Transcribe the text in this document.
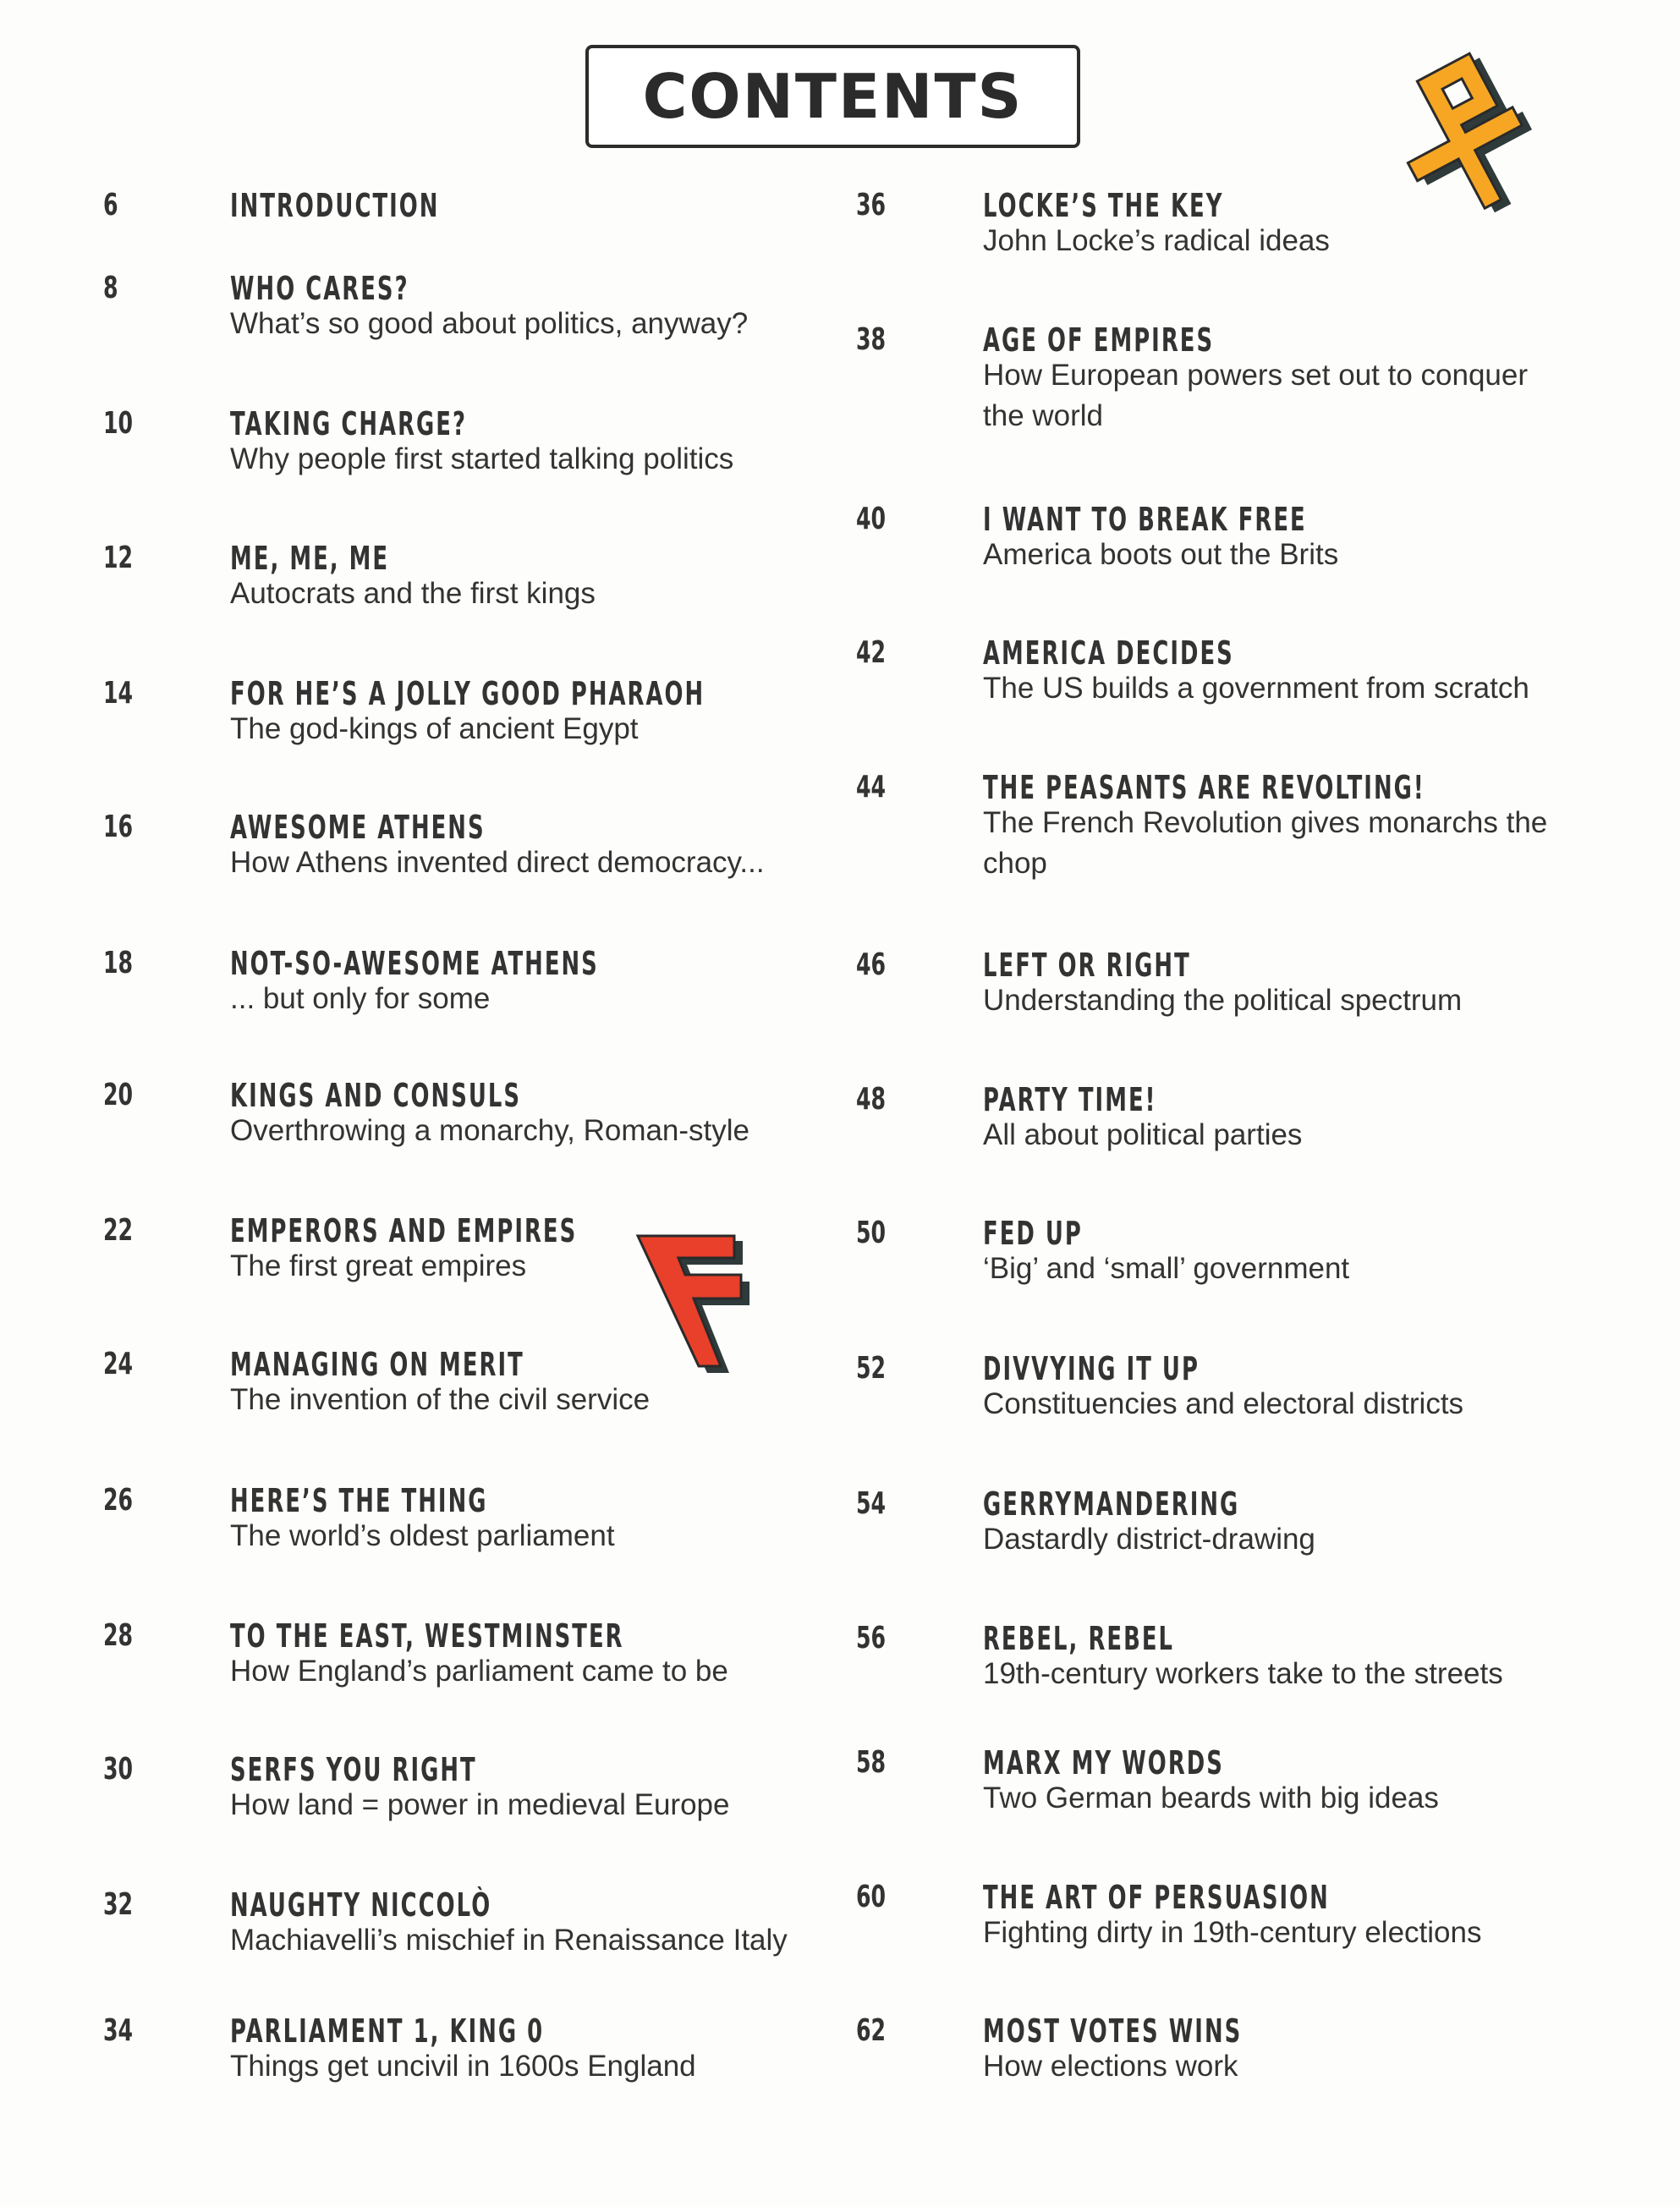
CONTENTS
6	INTRODUCTION
8	WHO CARES?
What’s so good about politics, anyway?
10	TAKING CHARGE?
Why people first started talking politics
12	ME, ME, ME
Autocrats and the first kings
14	FOR HE’S A JOLLY GOOD PHARAOH
The god-kings of ancient Egypt
16	AWESOME ATHENS
How Athens invented direct democracy...
18	NOT-SO-AWESOME ATHENS
... but only for some
20	KINGS AND CONSULS
Overthrowing a monarchy, Roman-style
22	EMPERORS AND EMPIRES
The first great empires
24	MANAGING ON MERIT
The invention of the civil service
26	HERE’S THE THING
The world’s oldest parliament
28	TO THE EAST, WESTMINSTER
How England’s parliament came to be
30	SERFS YOU RIGHT
How land = power in medieval Europe
32	NAUGHTY NICCOLÒ
Machiavelli’s mischief in Renaissance Italy
34	PARLIAMENT 1, KING 0
Things get uncivil in 1600s England
36	LOCKE’S THE KEY
John Locke’s radical ideas
38	AGE OF EMPIRES
How European powers set out to conquer the world
40	I WANT TO BREAK FREE
America boots out the Brits
42	AMERICA DECIDES
The US builds a government from scratch
44	THE PEASANTS ARE REVOLTING!
The French Revolution gives monarchs the chop
46	LEFT OR RIGHT
Understanding the political spectrum
48	PARTY TIME!
All about political parties
50	FED UP
‘Big’ and ‘small’ government
52	DIVVYING IT UP
Constituencies and electoral districts
54	GERRYMANDERING
Dastardly district-drawing
56	REBEL, REBEL
19th-century workers take to the streets
58	MARX MY WORDS
Two German beards with big ideas
60	THE ART OF PERSUASION
Fighting dirty in 19th-century elections
62	MOST VOTES WINS
How elections work
